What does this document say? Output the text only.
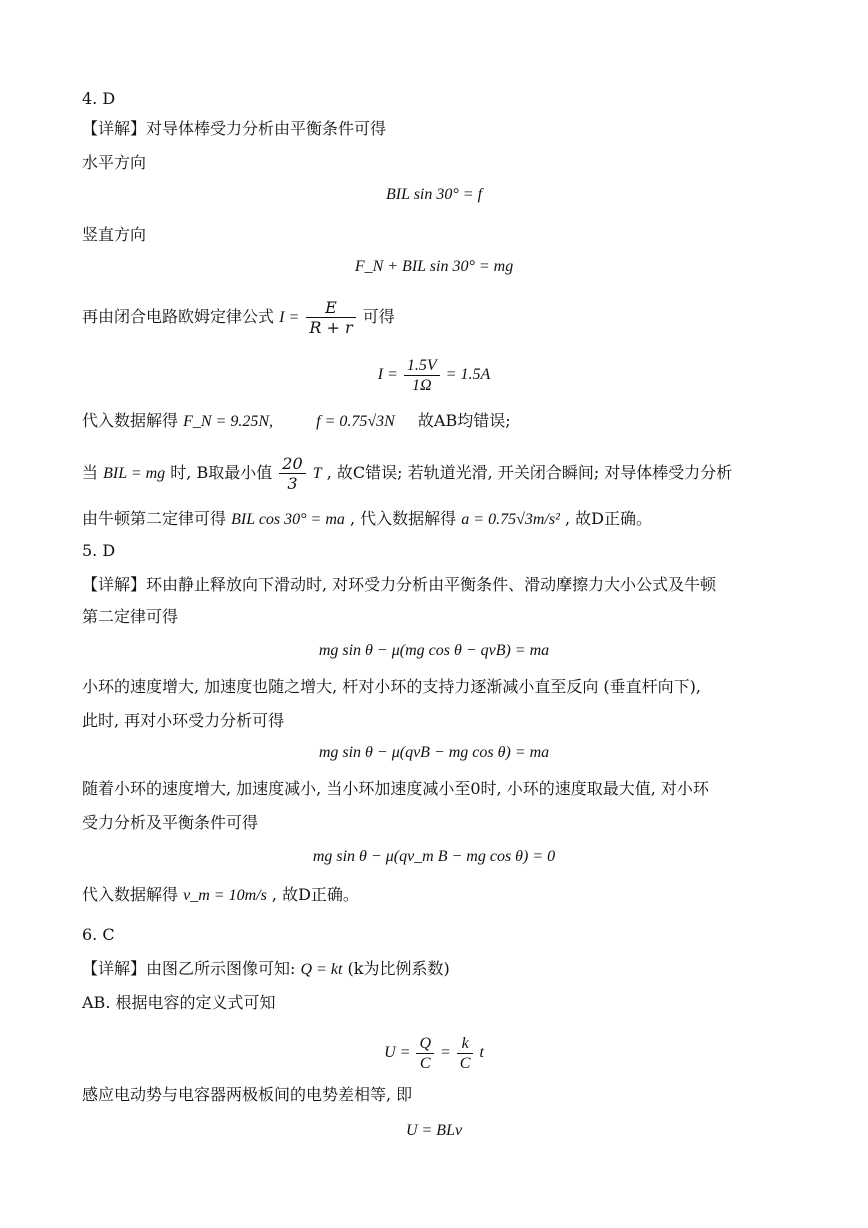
4. D
【详解】对导体棒受力分析由平衡条件可得
水平方向
BIL sin 30° = f
竖直方向
F_N + BIL sin 30° = mg
再由闭合电路欧姆定律公式 $I = \frac{E}{R + r}$ 可得
$I = \frac{1.5V}{1\Omega} = 1.5A$
代入数据解得 F_N = 9.25N,	f = 0.75√3N 故AB均错误;
当 BIL = mg 时, B取最小值 $\frac{20}{3}$ T , 故C错误; 若轨道光滑, 开关闭合瞬间; 对导体棒受力分析
由牛顿第二定律可得 BIL cos 30° = ma , 代入数据解得 a = 0.75√3m/s² , 故D正确。
5. D
【详解】环由静止释放向下滑动时, 对环受力分析由平衡条件、滑动摩擦力大小公式及牛顿
第二定律可得
mg sin θ − μ(mg cos θ − qvB) = ma
小环的速度增大, 加速度也随之增大, 杆对小环的支持力逐渐减小直至反向 (垂直杆向下),
此时, 再对小环受力分析可得
mg sin θ − μ(qvB − mg cos θ) = ma
随着小环的速度增大, 加速度减小, 当小环加速度减小至0时, 小环的速度取最大值, 对小环
受力分析及平衡条件可得
mg sin θ − μ(qv_m B − mg cos θ) = 0
代入数据解得 v_m = 10m/s , 故D正确。
6. C
【详解】由图乙所示图像可知: Q = kt (k为比例系数)
AB. 根据电容的定义式可知
$U = \frac{Q}{C} = \frac{k}{C}$ t
感应电动势与电容器两极板间的电势差相等, 即
U = BLv
